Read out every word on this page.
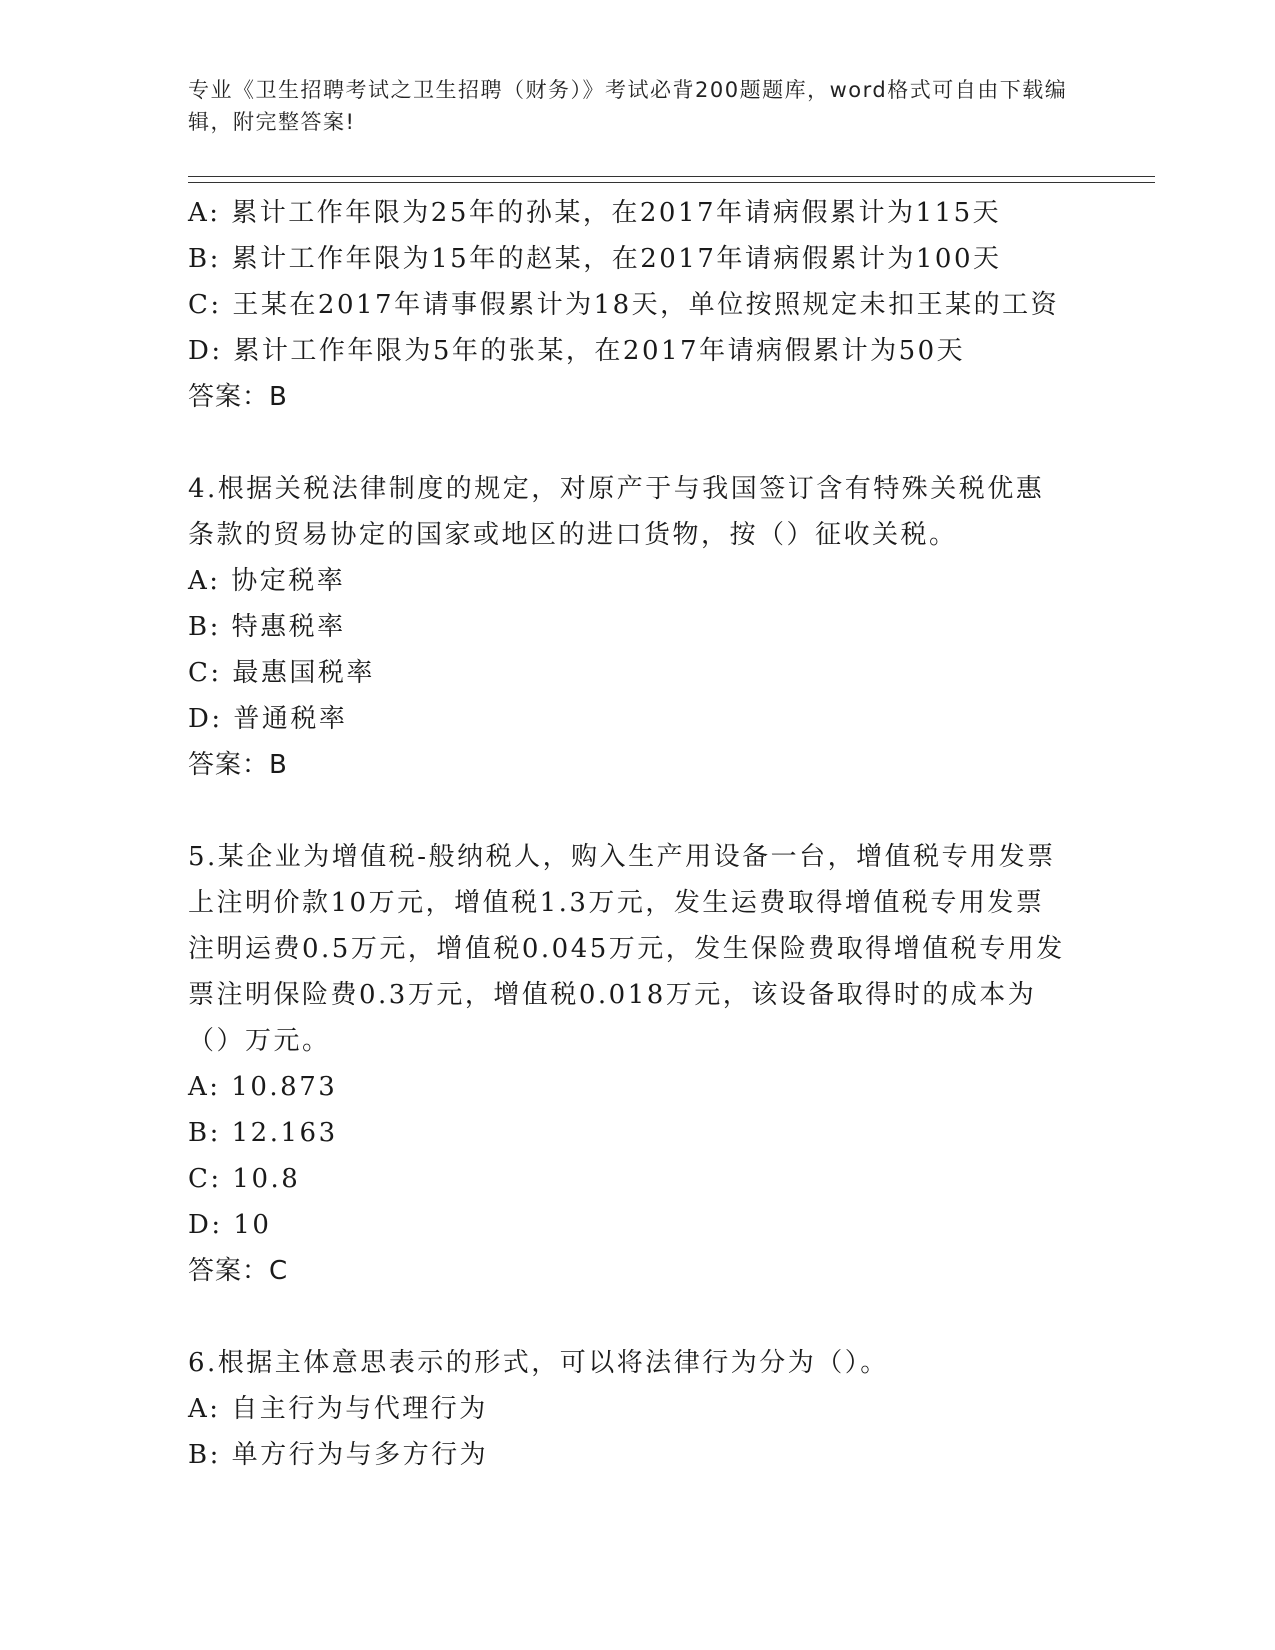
专业《卫生招聘考试之卫生招聘（财务）》考试必背200题题库，word格式可自由下载编辑，附完整答案!
A: 累计工作年限为25年的孙某，在2017年请病假累计为115天
B: 累计工作年限为15年的赵某，在2017年请病假累计为100天
C: 王某在2017年请事假累计为18天，单位按照规定未扣王某的工资
D: 累计工作年限为5年的张某，在2017年请病假累计为50天
答案：B
4.根据关税法律制度的规定，对原产于与我国签订含有特殊关税优惠条款的贸易协定的国家或地区的进口货物，按（）征收关税。
A: 协定税率
B: 特惠税率
C: 最惠国税率
D: 普通税率
答案：B
5.某企业为增值税-般纳税人，购入生产用设备一台，增值税专用发票上注明价款10万元，增值税1.3万元，发生运费取得增值税专用发票注明运费0.5万元，增值税0.045万元，发生保险费取得增值税专用发票注明保险费0.3万元，增值税0.018万元，该设备取得时的成本为（）万元。
A: 10.873
B: 12.163
C: 10.8
D: 10
答案：C
6.根据主体意思表示的形式，可以将法律行为分为（）。
A: 自主行为与代理行为
B: 单方行为与多方行为
